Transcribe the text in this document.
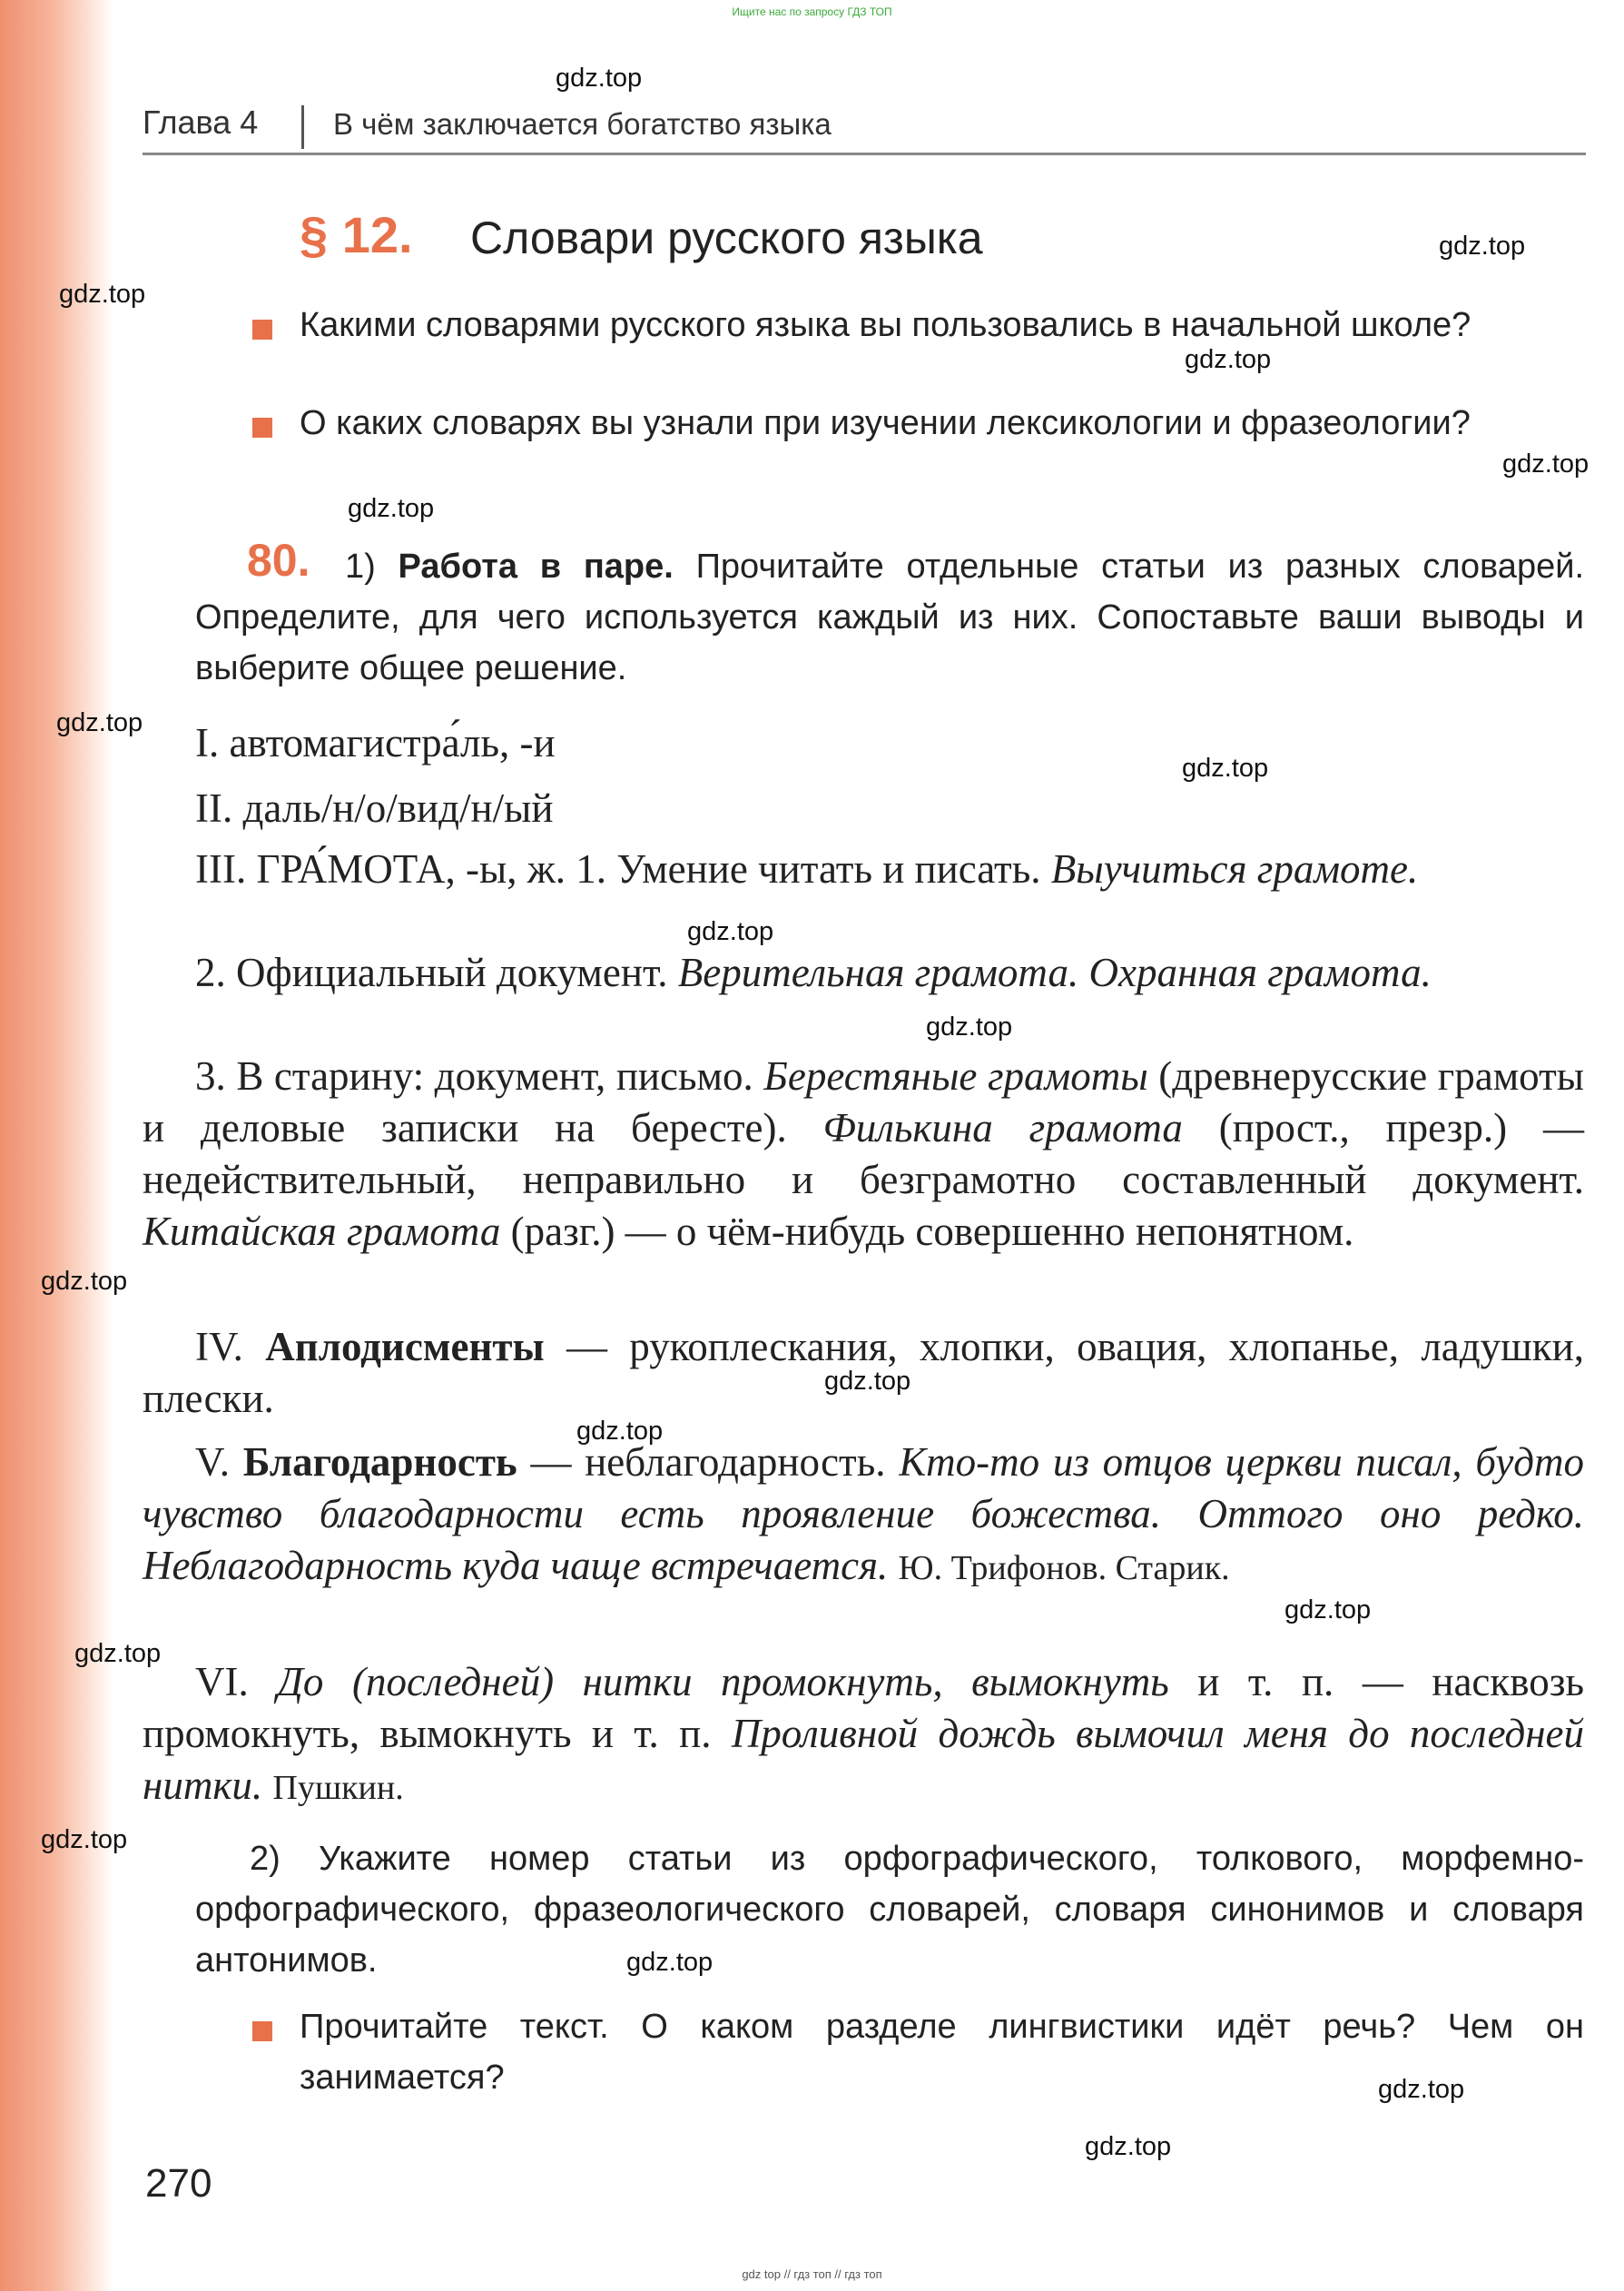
Ищите нас по запросу ГДЗ ТОП
Глава 4	В чём заключается богатство языка
§ 12. Словари русского языка
Какими словарями русского языка вы пользовались в начальной школе?
О каких словарях вы узнали при изучении лексикологии и фразеологии?
80.	1) Работа в паре. Прочитайте отдельные статьи из разных словарей. Определите, для чего используется каждый из них. Сопоставьте ваши выводы и выберите общее решение.
I. автомагистра́ль, -и
II. даль/н/о/вид/н/ый
III. ГРА́МОТА, -ы, ж. 1. Умение читать и писать. Выучиться грамоте.
2. Официальный документ. Верительная грамота. Охранная грамота.
3. В старину: документ, письмо. Берестяные грамоты (древнерусские грамоты и деловые записки на бересте). Филькина грамота (прост., презр.) — недействительный, неправильно и безграмотно составленный документ. Китайская грамота (разг.) — о чём-нибудь совершенно непонятном.
IV. Аплодисменты — рукоплескания, хлопки, овация, хлопанье, ладушки, плески.
V. Благодарность — неблагодарность. Кто-то из отцов церкви писал, будто чувство благодарности есть проявление божества. Оттого оно редко. Неблагодарность куда чаще встречается. Ю. Трифонов. Старик.
VI. До (последней) нитки промокнуть, вымокнуть и т. п. — насквозь промокнуть, вымокнуть и т. п. Проливной дождь вымочил меня до последней нитки. Пушкин.
2) Укажите номер статьи из орфографического, толкового, морфемно-орфографического, фразеологического словарей, словаря синонимов и словаря антонимов.
Прочитайте текст. О каком разделе лингвистики идёт речь? Чем он занимается?
270
gdz.top
gdz.top
gdz.top
gdz.top
gdz.top
gdz.top
gdz.top
gdz.top
gdz.top
gdz.top
gdz.top
gdz.top
gdz.top
gdz.top
gdz.top
gdz.top
gdz.top
gdz.top
gdz.top
gdz top // гдз топ // гдз топ
